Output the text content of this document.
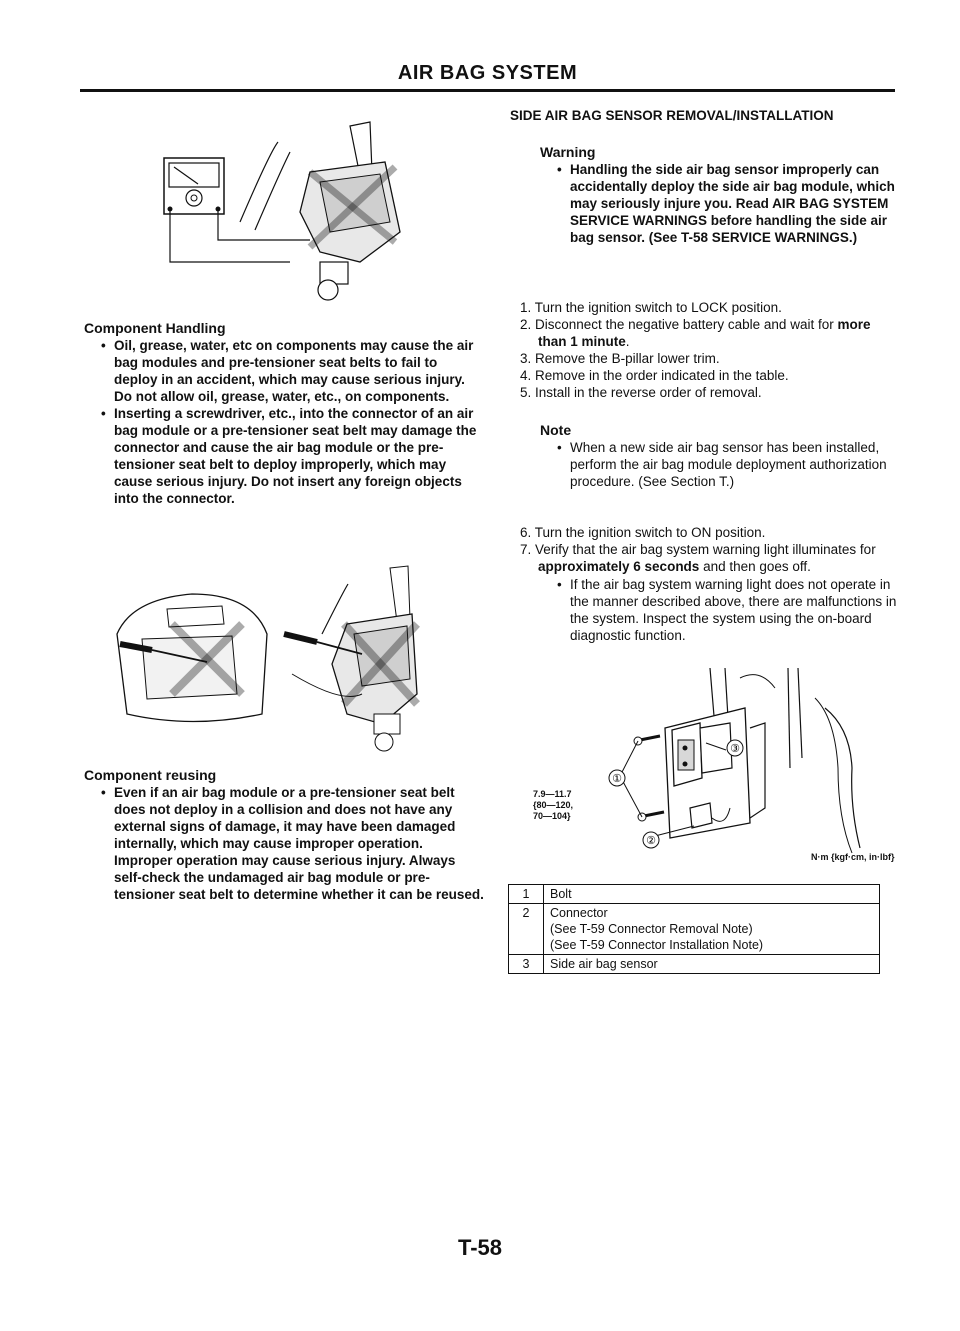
AIR BAG SYSTEM
Component Handling
• Oil, grease, water, etc on components may cause the air bag modules and pre-tensioner seat belts to fail to deploy in an accident, which may cause serious injury. Do not allow oil, grease, water, etc., on components.
• Inserting a screwdriver, etc., into the connector of an air bag module or a pre-tensioner seat belt may damage the connector and cause the air bag module or the pre-tensioner seat belt to deploy improperly, which may cause serious injury. Do not insert any foreign objects into the connector.
Component reusing
• Even if an air bag module or a pre-tensioner seat belt does not deploy in a collision and does not have any external signs of damage, it may have been damaged internally, which may cause improper operation. Improper operation may cause serious injury. Always self-check the undamaged air bag module or pre-tensioner seat belt to determine whether it can be reused.
SIDE AIR BAG SENSOR REMOVAL/INSTALLATION
Warning
• Handling the side air bag sensor improperly can accidentally deploy the side air bag module, which may seriously injure you. Read AIR BAG SYSTEM SERVICE WARNINGS before handling the side air bag sensor. (See T-58 SERVICE WARNINGS.)
1. Turn the ignition switch to LOCK position.
2. Disconnect the negative battery cable and wait for more than 1 minute.
3. Remove the B-pillar lower trim.
4. Remove in the order indicated in the table.
5. Install in the reverse order of removal.
Note
• When a new side air bag sensor has been installed, perform the air bag module deployment authorization procedure. (See Section T.)
6. Turn the ignition switch to ON position.
7. Verify that the air bag system warning light illuminates for approximately 6 seconds and then goes off.
• If the air bag system warning light does not operate in the manner described above, there are malfunctions in the system. Inspect the system using the on-board diagnostic function.
①
②
③
7.9—11.7
{80—120,
70—104}
N·m {kgf·cm, in·lbf}
1	Bolt

2	Connector
(See T-59 Connector Removal Note)
(See T-59 Connector Installation Note)

3	Side air bag sensor
T-58
